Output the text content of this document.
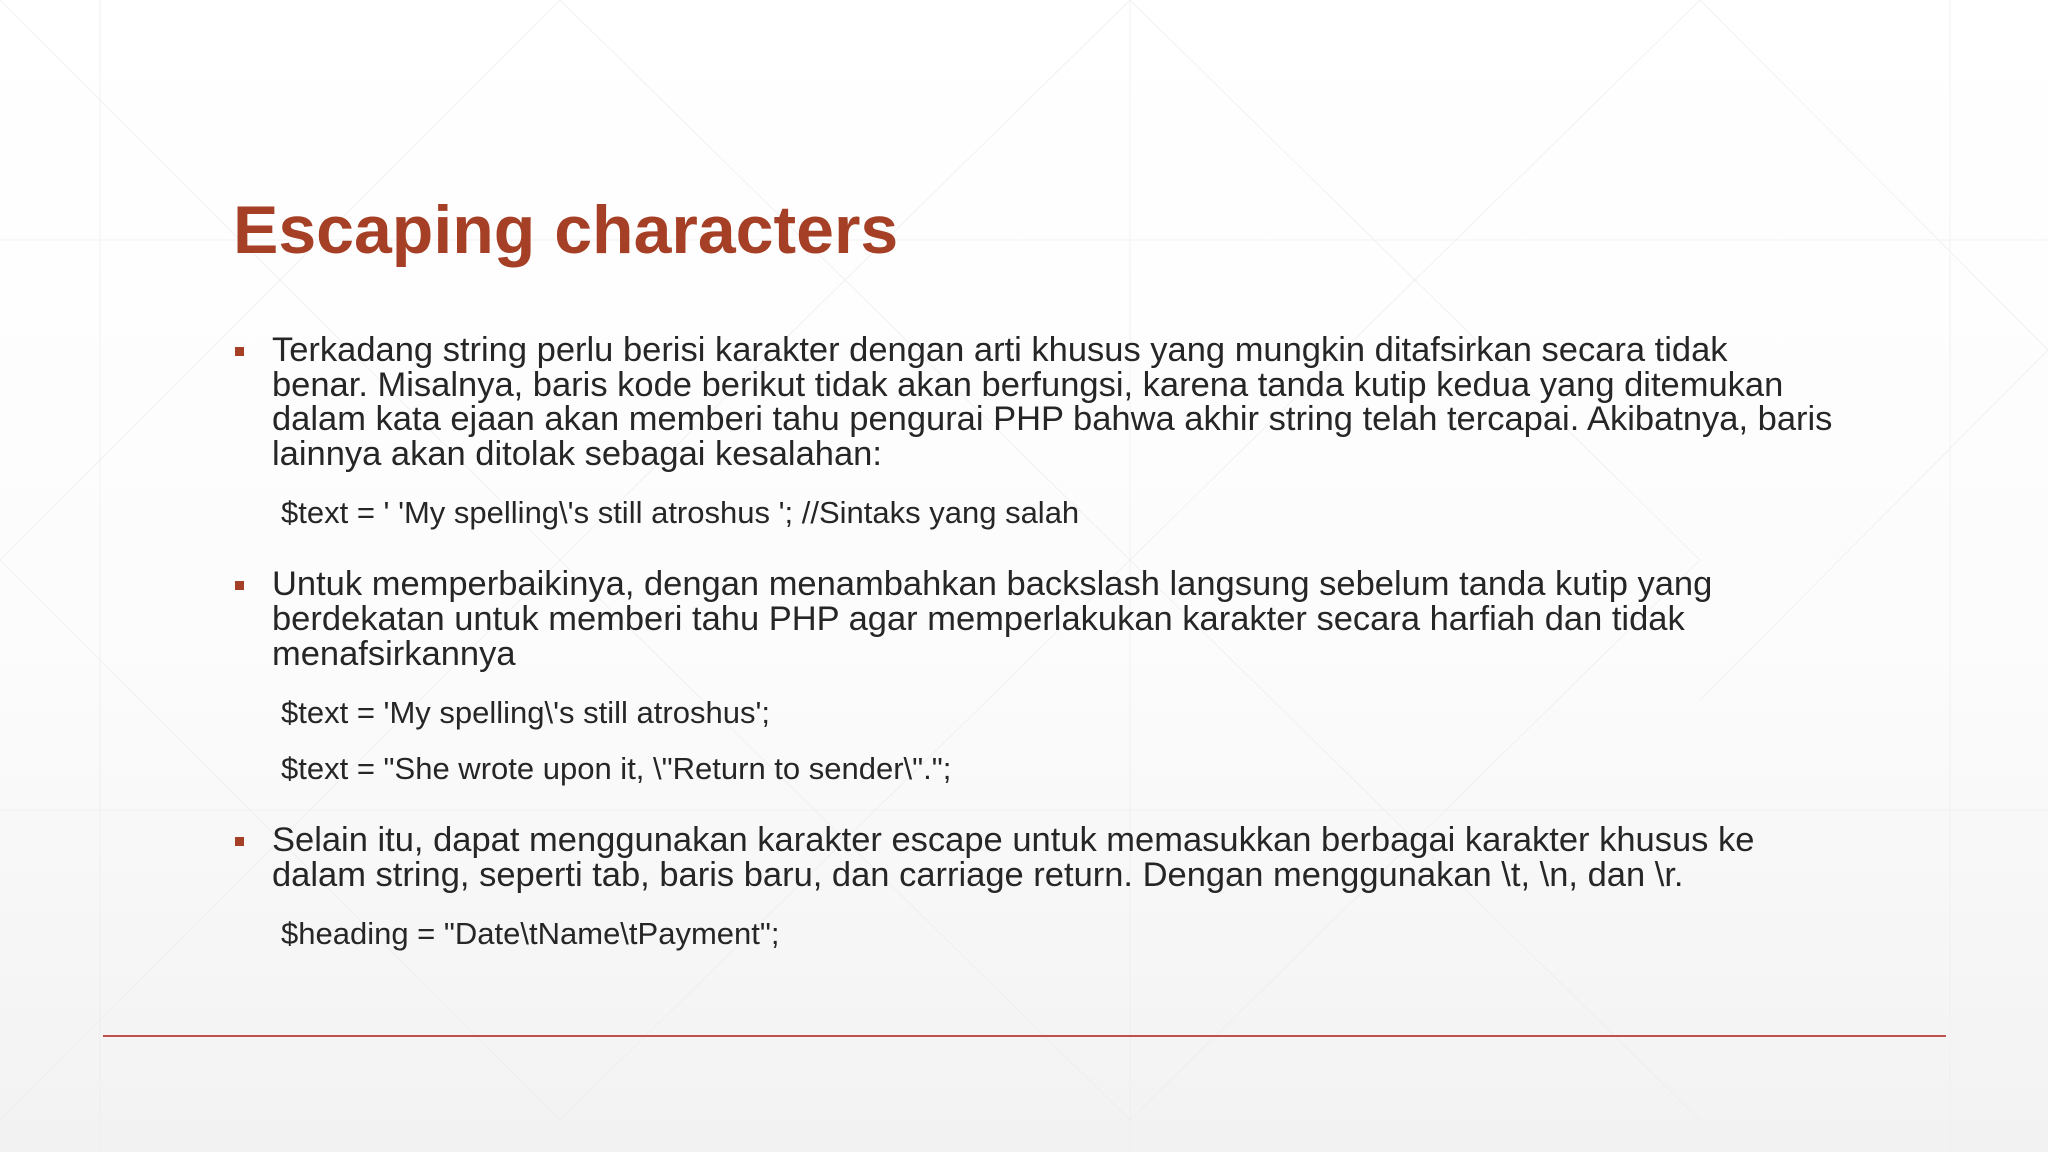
Escaping characters
Terkadang string perlu berisi karakter dengan arti khusus yang mungkin ditafsirkan secara tidak benar. Misalnya, baris kode berikut tidak akan berfungsi, karena tanda kutip kedua yang ditemukan dalam kata ejaan akan memberi tahu pengurai PHP bahwa akhir string telah tercapai. Akibatnya, baris lainnya akan ditolak sebagai kesalahan:
$text = ' 'My spelling\'s still atroshus '; //Sintaks yang salah
Untuk memperbaikinya, dengan menambahkan backslash langsung sebelum tanda kutip yang berdekatan untuk memberi tahu PHP agar memperlakukan karakter secara harfiah dan tidak menafsirkannya
$text = 'My spelling\'s still atroshus';
$text = "She wrote upon it, \"Return to sender\".";
Selain itu, dapat menggunakan karakter escape untuk memasukkan berbagai karakter khusus ke dalam string, seperti tab, baris baru, dan carriage return. Dengan menggunakan \t, \n, dan \r.
$heading = "Date\tName\tPayment";
